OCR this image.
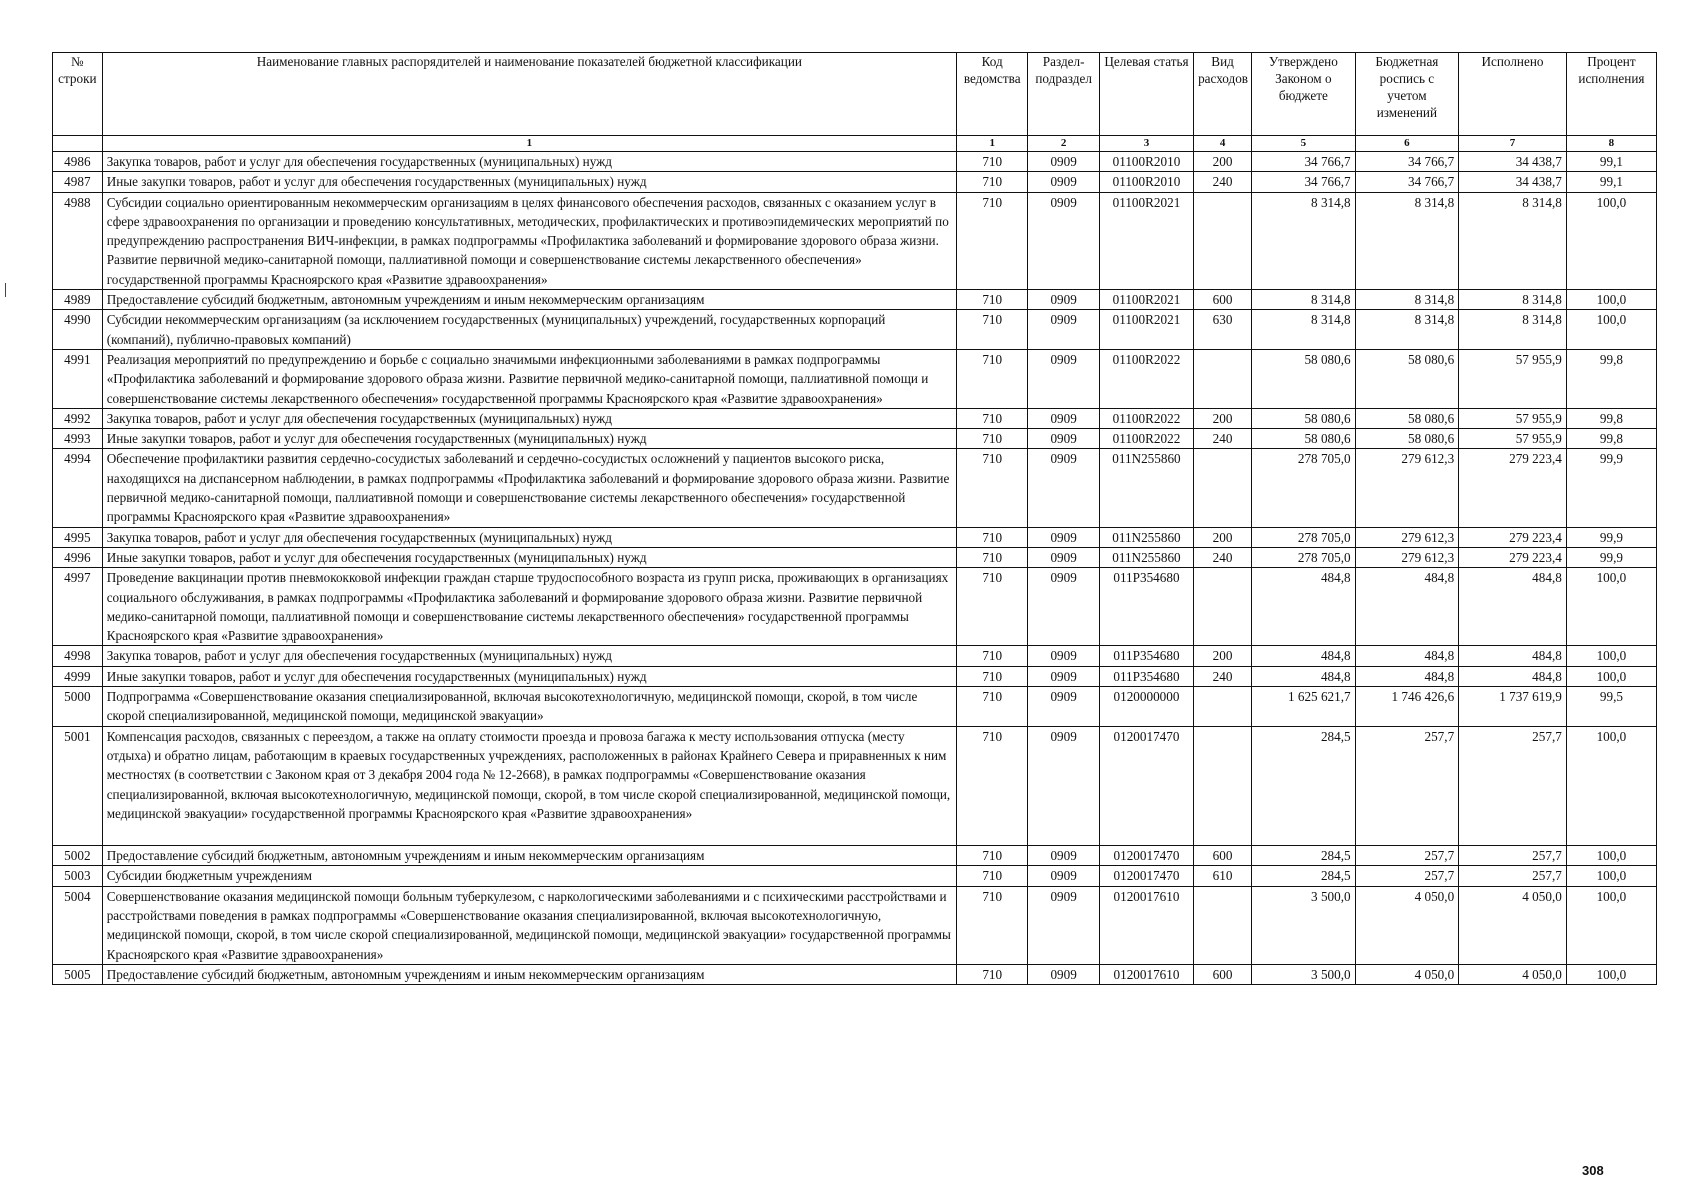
№ строки	Наименование главных распорядителей и наименование показателей бюджетной классификации	Код ведомства	Раздел-подраздел	Целевая статья	Вид расходов	Утверждено Законом о бюджете	Бюджетная роспись с учетом изменений	Исполнено	Процент исполнения
	1	1	2	3	4	5	6	7	8
4986	Закупка товаров, работ и услуг для обеспечения государственных (муниципальных) нужд	710	0909	01100R2010	200	34 766,7	34 766,7	34 438,7	99,1
4987	Иные закупки товаров, работ и услуг для обеспечения государственных (муниципальных) нужд	710	0909	01100R2010	240	34 766,7	34 766,7	34 438,7	99,1
4988	Субсидии социально ориентированным некоммерческим организациям в целях финансового обеспечения расходов, связанных с оказанием услуг в сфере здравоохранения по организации и проведению консультативных, методических, профилактических и противоэпидемических мероприятий по предупреждению распространения ВИЧ-инфекции, в рамках подпрограммы «Профилактика заболеваний и формирование здорового образа жизни. Развитие первичной медико-санитарной помощи, паллиативной помощи и совершенствование системы лекарственного обеспечения» государственной программы Красноярского края «Развитие здравоохранения»	710	0909	01100R2021		8 314,8	8 314,8	8 314,8	100,0
4989	Предоставление субсидий бюджетным, автономным учреждениям и иным некоммерческим организациям	710	0909	01100R2021	600	8 314,8	8 314,8	8 314,8	100,0
4990	Субсидии некоммерческим организациям (за исключением государственных (муниципальных) учреждений, государственных корпораций (компаний), публично-правовых компаний)	710	0909	01100R2021	630	8 314,8	8 314,8	8 314,8	100,0
4991	Реализация мероприятий по предупреждению и борьбе с социально значимыми инфекционными заболеваниями в рамках подпрограммы «Профилактика заболеваний и формирование здорового образа жизни. Развитие первичной медико-санитарной помощи, паллиативной помощи и совершенствование системы лекарственного обеспечения» государственной программы Красноярского края «Развитие здравоохранения»	710	0909	01100R2022		58 080,6	58 080,6	57 955,9	99,8
4992	Закупка товаров, работ и услуг для обеспечения государственных (муниципальных) нужд	710	0909	01100R2022	200	58 080,6	58 080,6	57 955,9	99,8
4993	Иные закупки товаров, работ и услуг для обеспечения государственных (муниципальных) нужд	710	0909	01100R2022	240	58 080,6	58 080,6	57 955,9	99,8
4994	Обеспечение профилактики развития сердечно-сосудистых заболеваний и сердечно-сосудистых осложнений у пациентов высокого риска, находящихся на диспансерном наблюдении, в рамках подпрограммы «Профилактика заболеваний и формирование здорового образа жизни. Развитие первичной медико-санитарной помощи, паллиативной помощи и совершенствование системы лекарственного обеспечения» государственной программы Красноярского края «Развитие здравоохранения»	710	0909	011N255860		278 705,0	279 612,3	279 223,4	99,9
4995	Закупка товаров, работ и услуг для обеспечения государственных (муниципальных) нужд	710	0909	011N255860	200	278 705,0	279 612,3	279 223,4	99,9
4996	Иные закупки товаров, работ и услуг для обеспечения государственных (муниципальных) нужд	710	0909	011N255860	240	278 705,0	279 612,3	279 223,4	99,9
4997	Проведение вакцинации против пневмококковой инфекции граждан старше трудоспособного возраста из групп риска, проживающих в организациях социального обслуживания, в рамках подпрограммы «Профилактика заболеваний и формирование здорового образа жизни. Развитие первичной медико-санитарной помощи, паллиативной помощи и совершенствование системы лекарственного обеспечения» государственной программы Красноярского края «Развитие здравоохранения»	710	0909	011P354680		484,8	484,8	484,8	100,0
4998	Закупка товаров, работ и услуг для обеспечения государственных (муниципальных) нужд	710	0909	011P354680	200	484,8	484,8	484,8	100,0
4999	Иные закупки товаров, работ и услуг для обеспечения государственных (муниципальных) нужд	710	0909	011P354680	240	484,8	484,8	484,8	100,0
5000	Подпрограмма «Совершенствование оказания специализированной, включая высокотехнологичную, медицинской помощи, скорой, в том числе скорой специализированной, медицинской помощи, медицинской эвакуации»	710	0909	0120000000		1 625 621,7	1 746 426,6	1 737 619,9	99,5
5001	Компенсация расходов, связанных с переездом, а также на оплату стоимости проезда и провоза багажа к месту использования отпуска (месту отдыха) и обратно лицам, работающим в краевых государственных учреждениях, расположенных в районах Крайнего Севера и приравненных к ним местностях (в соответствии с Законом края от 3 декабря 2004 года № 12-2668), в рамках подпрограммы «Совершенствование оказания специализированной, включая высокотехнологичную, медицинской помощи, скорой, в том числе скорой специализированной, медицинской помощи, медицинской эвакуации» государственной программы Красноярского края «Развитие здравоохранения»	710	0909	0120017470		284,5	257,7	257,7	100,0
5002	Предоставление субсидий бюджетным, автономным учреждениям и иным некоммерческим организациям	710	0909	0120017470	600	284,5	257,7	257,7	100,0
5003	Субсидии бюджетным учреждениям	710	0909	0120017470	610	284,5	257,7	257,7	100,0
5004	Совершенствование оказания медицинской помощи больным туберкулезом, с наркологическими заболеваниями и с психическими расстройствами и расстройствами поведения в рамках подпрограммы «Совершенствование оказания специализированной, включая высокотехнологичную, медицинской помощи, скорой, в том числе скорой специализированной, медицинской помощи, медицинской эвакуации» государственной программы Красноярского края «Развитие здравоохранения»	710	0909	0120017610		3 500,0	4 050,0	4 050,0	100,0
5005	Предоставление субсидий бюджетным, автономным учреждениям и иным некоммерческим организациям	710	0909	0120017610	600	3 500,0	4 050,0	4 050,0	100,0
308
